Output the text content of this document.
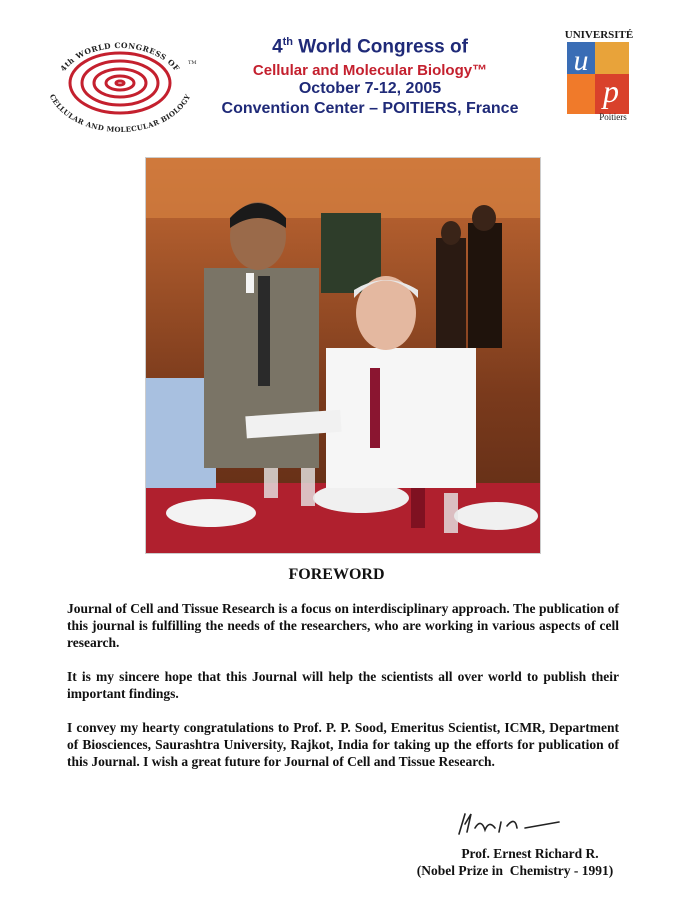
4th WORLD CONGRESS OF
CELLULAR AND MOLECULAR BIOLOGY
TM
4th World Congress of
Cellular and Molecular Biology™
October 7-12, 2005
Convention Center – POITIERS, France
UNIVERSITÉ
u
p
Poitiers
FOREWORD
Journal of Cell and Tissue Research is a focus on interdisciplinary approach. The publication of this journal is fulfilling the needs of the researchers, who are working in various aspects of cell research.
It is my sincere hope that this Journal will help the scientists all over world to publish their important findings.
I convey my hearty congratulations to Prof. P. P. Sood, Emeritus Scientist, ICMR, Department of Biosciences, Saurashtra University, Rajkot, India for taking up the efforts for publication of this Journal. I wish a great future for Journal of Cell and Tissue Research.
Prof. Ernest Richard R.
(Nobel Prize in  Chemistry - 1991)
